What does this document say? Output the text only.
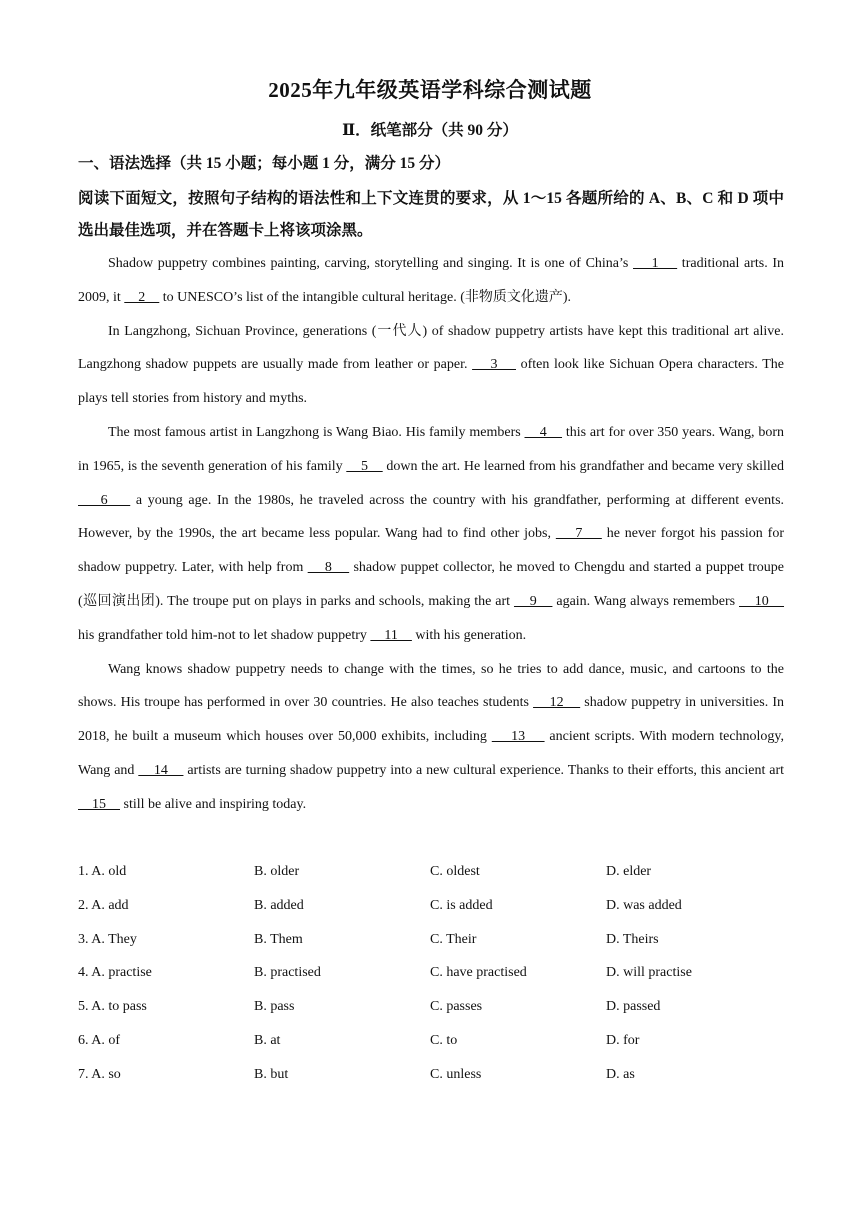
2025年九年级英语学科综合测试题
Ⅱ．纸笔部分（共 90 分）
一、语法选择（共 15 小题；每小题 1 分，满分 15 分）
阅读下面短文，按照句子结构的语法性和上下文连贯的要求，从 1～15 各题所给的 A、B、C 和 D 项中选出最佳选项，并在答题卡上将该项涂黑。

Shadow puppetry combines painting, carving, storytelling and singing. It is one of China’s     1     traditional arts. In 2009, it     2     to UNESCO’s list of the intangible cultural heritage. (非物质文化遗产).

In Langzhong, Sichuan Province, generations (一代人) of shadow puppetry artists have kept this traditional art alive. Langzhong shadow puppets are usually made from leather or paper.     3     often look like Sichuan Opera characters. The plays tell stories from history and myths.

The most famous artist in Langzhong is Wang Biao. His family members     4     this art for over 350 years. Wang, born in 1965, is the seventh generation of his family     5     down the art. He learned from his grandfather and became very skilled     6     a young age. In the 1980s, he traveled across the country with his grandfather, performing at different events. However, by the 1990s, the art became less popular. Wang had to find other jobs,     7     he never forgot his passion for shadow puppetry. Later, with help from     8     shadow puppet collector, he moved to Chengdu and started a puppet troupe (巡回演出团). The troupe put on plays in parks and schools, making the art     9     again. Wang always remembers     10     his grandfather told him-not to let shadow puppetry     11     with his generation.

Wang knows shadow puppetry needs to change with the times, so he tries to add dance, music, and cartoons to the shows. His troupe has performed in over 30 countries. He also teaches students     12     shadow puppetry in universities. In 2018, he built a museum which houses over 50,000 exhibits, including     13     ancient scripts. With modern technology, Wang and     14     artists are turning shadow puppetry into a new cultural experience. Thanks to their efforts, this ancient art     15     still be alive and inspiring today.

1. A. old	B. older	C. oldest	D. elder
2. A. add	B. added	C. is added	D. was added
3. A. They	B. Them	C. Their	D. Theirs
4. A. practise	B. practised	C. have practised	D. will practise
5. A. to pass	B. pass	C. passes	D. passed
6. A. of	B. at	C. to	D. for
7. A. so	B. but	C. unless	D. as
